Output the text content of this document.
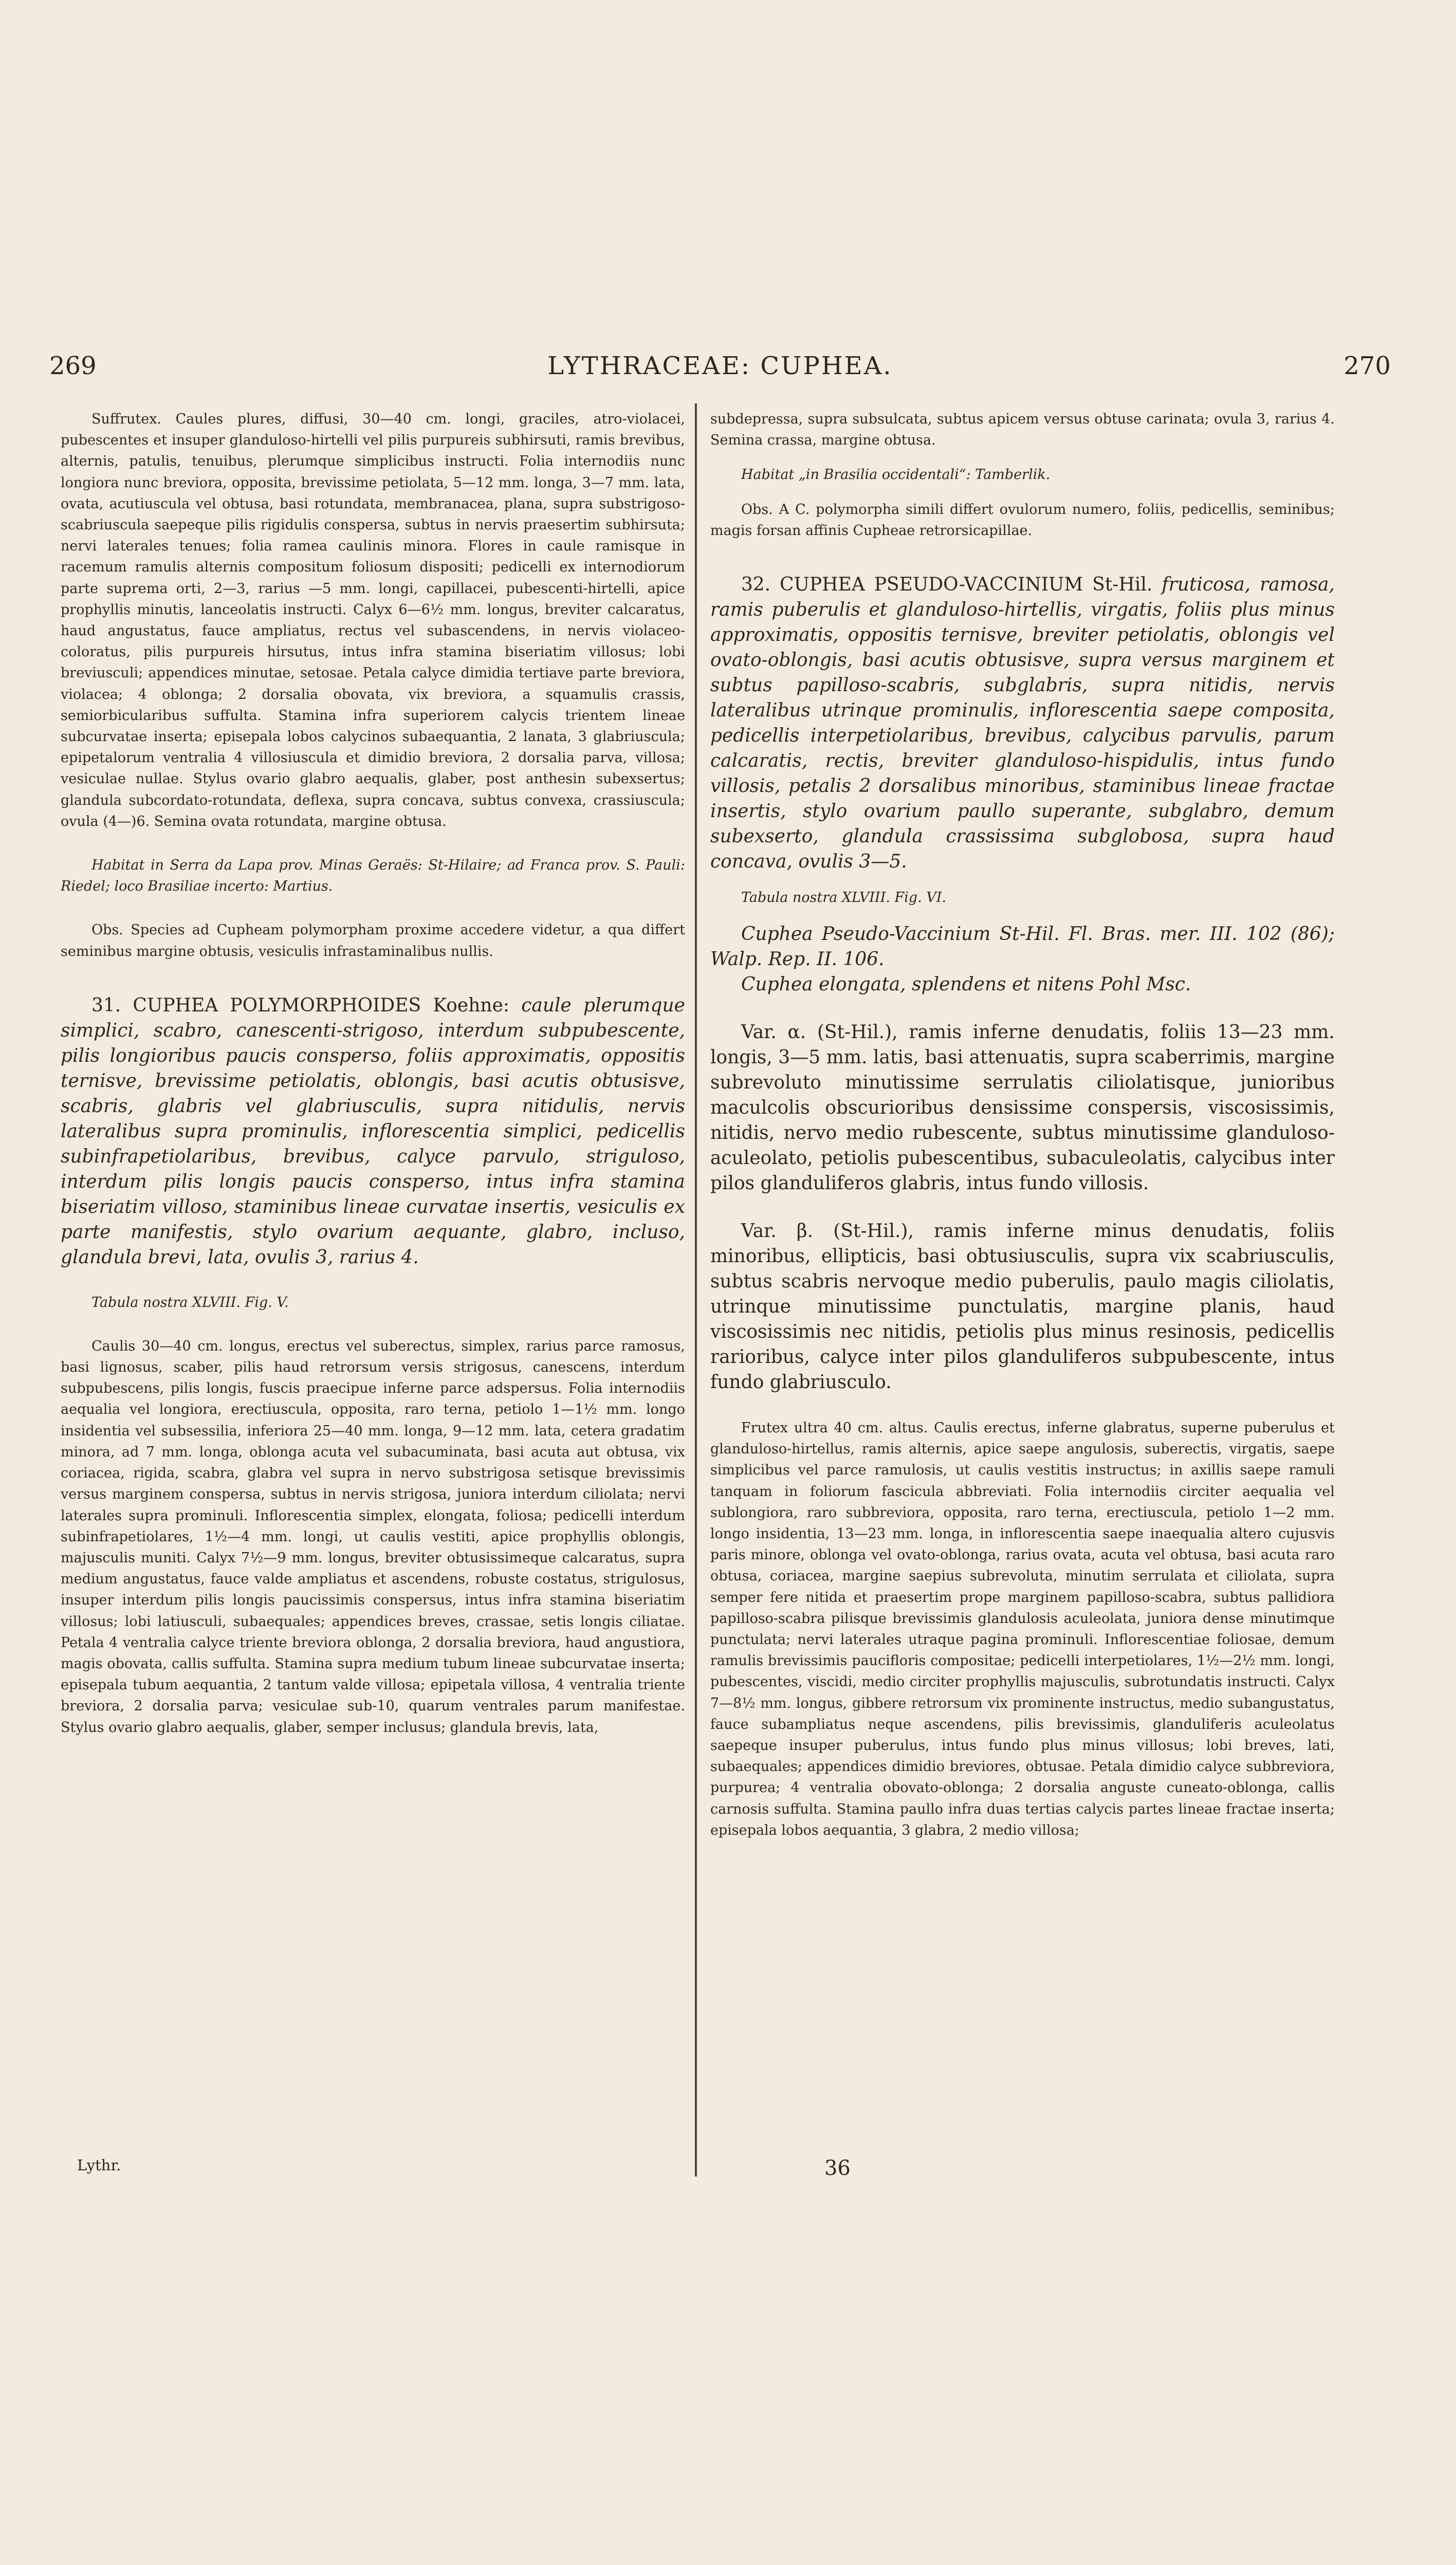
269	LYTHRACEAE: CUPHEA.	270

Suffrutex. Caules plures, diffusi, 30—40 cm. longi, graciles, atro-violacei, pubescentes et insuper glanduloso-hirtelli vel pilis purpureis subhirsuti, ramis brevibus, alternis, patulis, tenuibus, plerumque simplicibus instructi. Folia internodiis nunc longiora nunc breviora, opposita, brevissime petiolata, 5—12 mm. longa, 3—7 mm. lata, ovata, acutiuscula vel obtusa, basi rotundata, membranacea, plana, supra substrigoso-scabriuscula saepeque pilis rigidulis conspersa, subtus in nervis praesertim subhirsuta; nervi laterales tenues; folia ramea caulinis minora. Flores in caule ramisque in racemum ramulis alternis compositum foliosum dispositi; pedicelli ex internodiorum parte suprema orti, 2—3, rarius —5 mm. longi, capillacei, pubescenti-hirtelli, apice prophyllis minutis, lanceolatis instructi. Calyx 6—6½ mm. longus, breviter calcaratus, haud angustatus, fauce ampliatus, rectus vel subascendens, in nervis violaceo-coloratus, pilis purpureis hirsutus, intus infra stamina biseriatim villosus; lobi breviusculi; appendices minutae, setosae. Petala calyce dimidia tertiave parte breviora, violacea; 4 oblonga; 2 dorsalia obovata, vix breviora, a squamulis crassis, semiorbicularibus suffulta. Stamina infra superiorem calycis trientem lineae subcurvatae inserta; episepala lobos calycinos subaequantia, 2 lanata, 3 glabriuscula; epipetalorum ventralia 4 villosiuscula et dimidio breviora, 2 dorsalia parva, villosa; vesiculae nullae. Stylus ovario glabro aequalis, glaber, post anthesin subexsertus; glandula subcordato-rotundata, deflexa, supra concava, subtus convexa, crassiuscula; ovula (4—)6. Semina ovata rotundata, margine obtusa.

Habitat in Serra da Lapa prov. Minas Geraës: St-Hilaire; ad Franca prov. S. Pauli: Riedel; loco Brasiliae incerto: Martius.

Obs. Species ad Cupheam polymorpham proxime accedere videtur, a qua differt seminibus margine obtusis, vesiculis infrastaminalibus nullis.

31. CUPHEA POLYMORPHOIDES Koehne: caule plerumque simplici, scabro, canescenti-strigoso, interdum subpubescente, pilis longioribus paucis consperso, foliis approximatis, oppositis ternisve, brevissime petiolatis, oblongis, basi acutis obtusisve, scabris, glabris vel glabriusculis, supra nitidulis, nervis lateralibus supra prominulis, inflorescentia simplici, pedicellis subinfrapetiolaribus, brevibus, calyce parvulo, striguloso, interdum pilis longis paucis consperso, intus infra stamina biseriatim villoso, staminibus lineae curvatae insertis, vesiculis ex parte manifestis, stylo ovarium aequante, glabro, incluso, glandula brevi, lata, ovulis 3, rarius 4.

Tabula nostra XLVIII. Fig. V.

Caulis 30—40 cm. longus, erectus vel suberectus, simplex, rarius parce ramosus, basi lignosus, scaber, pilis haud retrorsum versis strigosus, canescens, interdum subpubescens, pilis longis, fuscis praecipue inferne parce adspersus. Folia internodiis aequalia vel longiora, erectiuscula, opposita, raro terna, petiolo 1—1½ mm. longo insidentia vel subsessilia, inferiora 25—40 mm. longa, 9—12 mm. lata, cetera gradatim minora, ad 7 mm. longa, oblonga acuta vel subacuminata, basi acuta aut obtusa, vix coriacea, rigida, scabra, glabra vel supra in nervo substrigosa setisque brevissimis versus marginem conspersa, subtus in nervis strigosa, juniora interdum ciliolata; nervi laterales supra prominuli. Inflorescentia simplex, elongata, foliosa; pedicelli interdum subinfrapetiolares, 1½—4 mm. longi, ut caulis vestiti, apice prophyllis oblongis, majusculis muniti. Calyx 7½—9 mm. longus, breviter obtusissimeque calcaratus, supra medium angustatus, fauce valde ampliatus et ascendens, robuste costatus, strigulosus, insuper interdum pilis longis paucissimis conspersus, intus infra stamina biseriatim villosus; lobi latiusculi, subaequales; appendices breves, crassae, setis longis ciliatae. Petala 4 ventralia calyce triente breviora oblonga, 2 dorsalia breviora, haud angustiora, magis obovata, callis suffulta. Stamina supra medium tubum lineae subcurvatae inserta; episepala tubum aequantia, 2 tantum valde villosa; epipetala villosa, 4 ventralia triente breviora, 2 dorsalia parva; vesiculae sub-10, quarum ventrales parum manifestae. Stylus ovario glabro aequalis, glaber, semper inclusus; glandula brevis, lata,

subdepressa, supra subsulcata, subtus apicem versus obtuse carinata; ovula 3, rarius 4. Semina crassa, margine obtusa.

Habitat „in Brasilia occidentali“: Tamberlik.

Obs. A C. polymorpha simili differt ovulorum numero, foliis, pedicellis, seminibus; magis forsan affinis Cupheae retrorsicapillae.

32. CUPHEA PSEUDO-VACCINIUM St-Hil. fruticosa, ramosa, ramis puberulis et glanduloso-hirtellis, virgatis, foliis plus minus approximatis, oppositis ternisve, breviter petiolatis, oblongis vel ovato-oblongis, basi acutis obtusisve, supra versus marginem et subtus papilloso-scabris, subglabris, supra nitidis, nervis lateralibus utrinque prominulis, inflorescentia saepe composita, pedicellis interpetiolaribus, brevibus, calycibus parvulis, parum calcaratis, rectis, breviter glanduloso-hispidulis, intus fundo villosis, petalis 2 dorsalibus minoribus, staminibus lineae fractae insertis, stylo ovarium paullo superante, subglabro, demum subexserto, glandula crassissima subglobosa, supra haud concava, ovulis 3—5.

Tabula nostra XLVIII. Fig. VI.

Cuphea Pseudo-Vaccinium St-Hil. Fl. Bras. mer. III. 102 (86); Walp. Rep. II. 106.

Cuphea elongata, splendens et nitens Pohl Msc.

Var. α. (St-Hil.), ramis inferne denudatis, foliis 13—23 mm. longis, 3—5 mm. latis, basi attenuatis, supra scaberrimis, margine subrevoluto minutissime serrulatis ciliolatisque, junioribus maculcolis obscurioribus densissime conspersis, viscosissimis, nitidis, nervo medio rubescente, subtus minutissime glanduloso-aculeolato, petiolis pubescentibus, subaculeolatis, calycibus inter pilos glanduliferos glabris, intus fundo villosis.

Var. β. (St-Hil.), ramis inferne minus denudatis, foliis minoribus, ellipticis, basi obtusiusculis, supra vix scabriusculis, subtus scabris nervoque medio puberulis, paulo magis ciliolatis, utrinque minutissime punctulatis, margine planis, haud viscosissimis nec nitidis, petiolis plus minus resinosis, pedicellis rarioribus, calyce inter pilos glanduliferos subpubescente, intus fundo glabriusculo.

Frutex ultra 40 cm. altus. Caulis erectus, inferne glabratus, superne puberulus et glanduloso-hirtellus, ramis alternis, apice saepe angulosis, suberectis, virgatis, saepe simplicibus vel parce ramulosis, ut caulis vestitis instructus; in axillis saepe ramuli tanquam in foliorum fascicula abbreviati. Folia internodiis circiter aequalia vel sublongiora, raro subbreviora, opposita, raro terna, erectiuscula, petiolo 1—2 mm. longo insidentia, 13—23 mm. longa, in inflorescentia saepe inaequalia altero cujusvis paris minore, oblonga vel ovato-oblonga, rarius ovata, acuta vel obtusa, basi acuta raro obtusa, coriacea, margine saepius subrevoluta, minutim serrulata et ciliolata, supra semper fere nitida et praesertim prope marginem papilloso-scabra, subtus pallidiora papilloso-scabra pilisque brevissimis glandulosis aculeolata, juniora dense minutimque punctulata; nervi laterales utraque pagina prominuli. Inflorescentiae foliosae, demum ramulis brevissimis paucifloris compositae; pedicelli interpetiolares, 1½—2½ mm. longi, pubescentes, viscidi, medio circiter prophyllis majusculis, subrotundatis instructi. Calyx 7—8½ mm. longus, gibbere retrorsum vix prominente instructus, medio subangustatus, fauce subampliatus neque ascendens, pilis brevissimis, glanduliferis aculeolatus saepeque insuper puberulus, intus fundo plus minus villosus; lobi breves, lati, subaequales; appendices dimidio breviores, obtusae. Petala dimidio calyce subbreviora, purpurea; 4 ventralia obovato-oblonga; 2 dorsalia anguste cuneato-oblonga, callis carnosis suffulta. Stamina paullo infra duas tertias calycis partes lineae fractae inserta; episepala lobos aequantia, 3 glabra, 2 medio villosa;

Lythr.	36
